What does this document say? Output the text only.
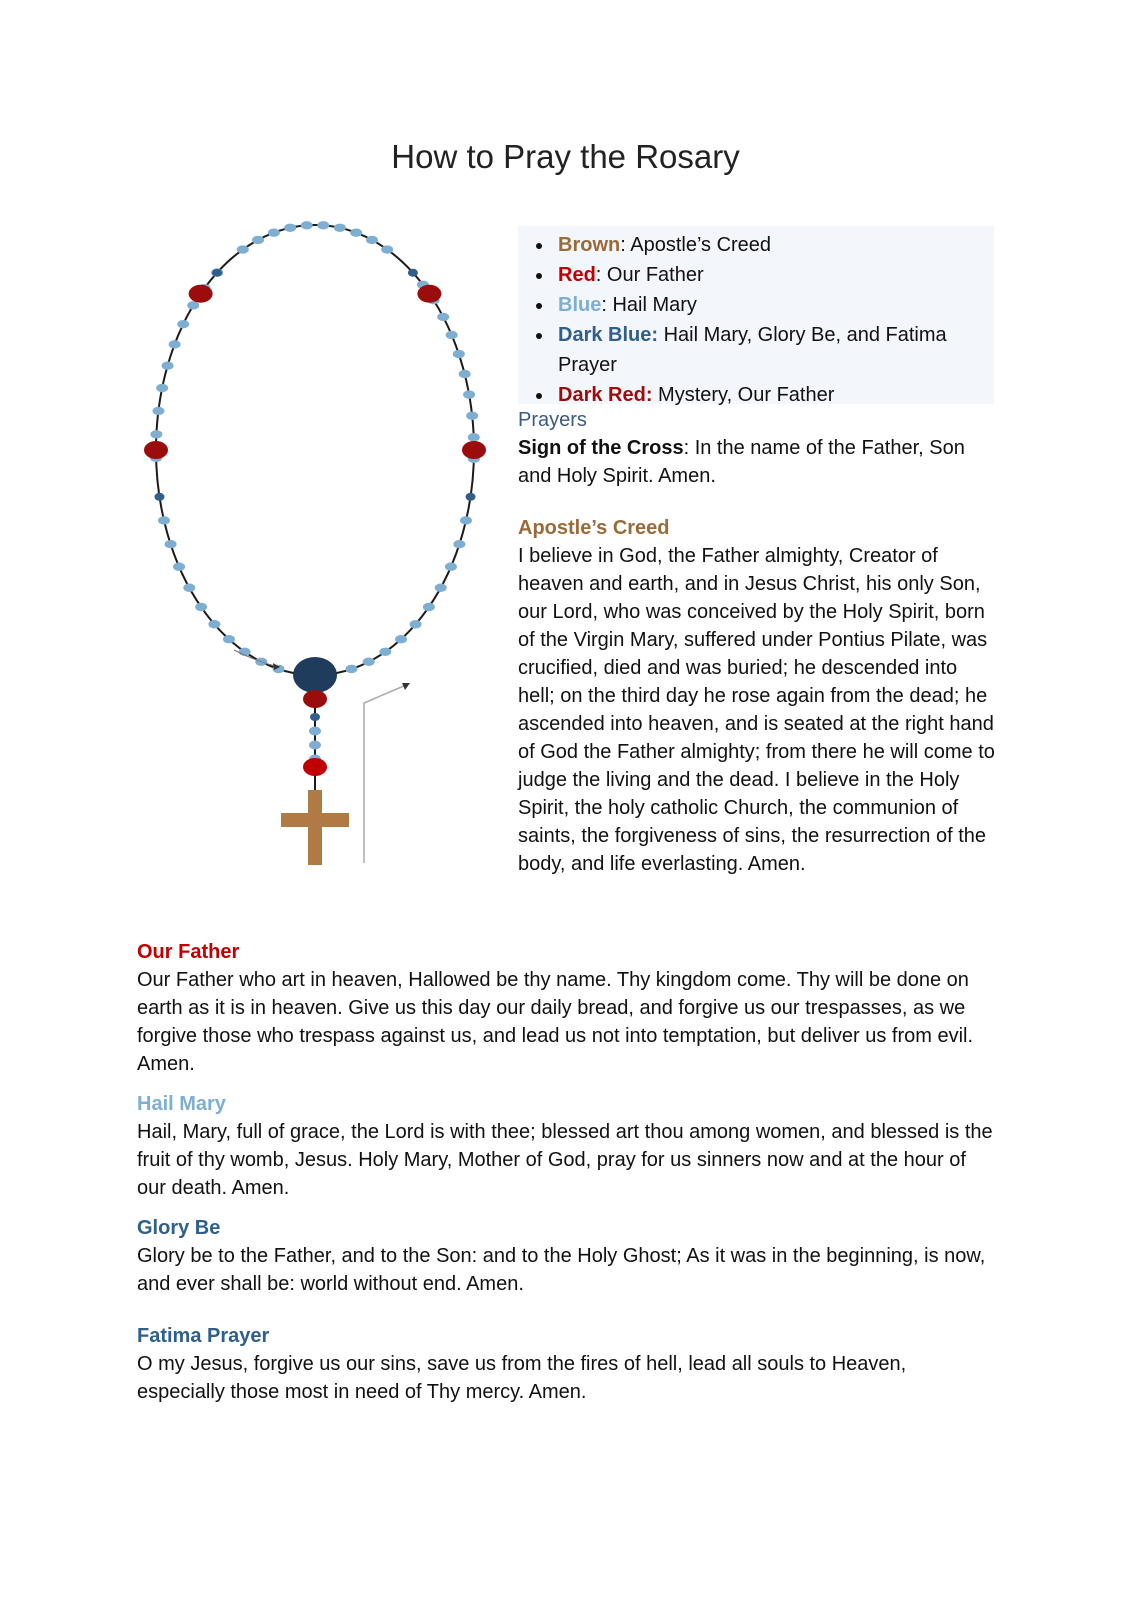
How to Pray the Rosary
• Brown: Apostle’s Creed
• Red: Our Father
• Blue: Hail Mary
• Dark Blue: Hail Mary, Glory Be, and Fatima Prayer
• Dark Red: Mystery, Our Father
Prayers

Sign of the Cross: In the name of the Father, Son and Holy Spirit. Amen.

Apostle’s Creed

I believe in God, the Father almighty, Creator of heaven and earth, and in Jesus Christ, his only Son, our Lord, who was conceived by the Holy Spirit, born of the Virgin Mary, suffered under Pontius Pilate, was crucified, died and was buried; he descended into hell; on the third day he rose again from the dead; he ascended into heaven, and is seated at the right hand of God the Father almighty; from there he will come to judge the living and the dead. I believe in the Holy Spirit, the holy catholic Church, the communion of saints, the forgiveness of sins, the resurrection of the body, and life everlasting. Amen.

Our Father

Our Father who art in heaven, Hallowed be thy name. Thy kingdom come. Thy will be done on earth as it is in heaven. Give us this day our daily bread, and forgive us our trespasses, as we forgive those who trespass against us, and lead us not into temptation, but deliver us from evil. Amen.

Hail Mary

Hail, Mary, full of grace, the Lord is with thee; blessed art thou among women, and blessed is the fruit of thy womb, Jesus. Holy Mary, Mother of God, pray for us sinners now and at the hour of our death. Amen.

Glory Be

Glory be to the Father, and to the Son: and to the Holy Ghost; As it was in the beginning, is now, and ever shall be: world without end. Amen.

Fatima Prayer

O my Jesus, forgive us our sins, save us from the fires of hell, lead all souls to Heaven, especially those most in need of Thy mercy. Amen.
